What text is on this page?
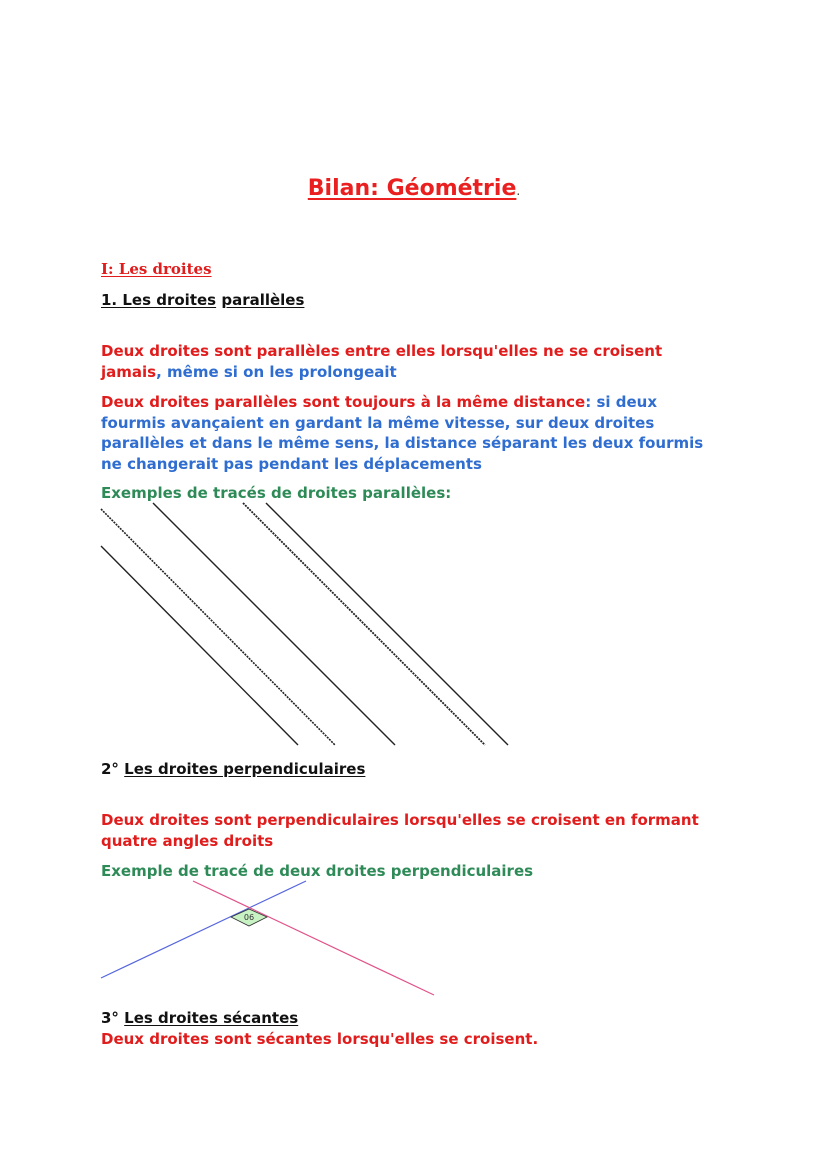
Bilan: Géométrie.
I: Les droites
1. Les droites parallèles

Deux droites sont parallèles entre elles lorsqu'elles ne se croisent jamais, même si on les prolongeait

Deux droites parallèles sont toujours à la même distance: si deux fourmis avançaient en gardant la même vitesse, sur deux droites parallèles et dans le même sens, la distance séparant les deux fourmis ne changerait pas pendant les déplacements

Exemples de tracés de droites parallèles:
2° Les droites perpendiculaires

Deux droites sont perpendiculaires lorsqu'elles se croisent en formant quatre angles droits

Exemple de tracé de deux droites perpendiculaires
90
3° Les droites sécantes
Deux droites sont sécantes lorsqu'elles se croisent.
